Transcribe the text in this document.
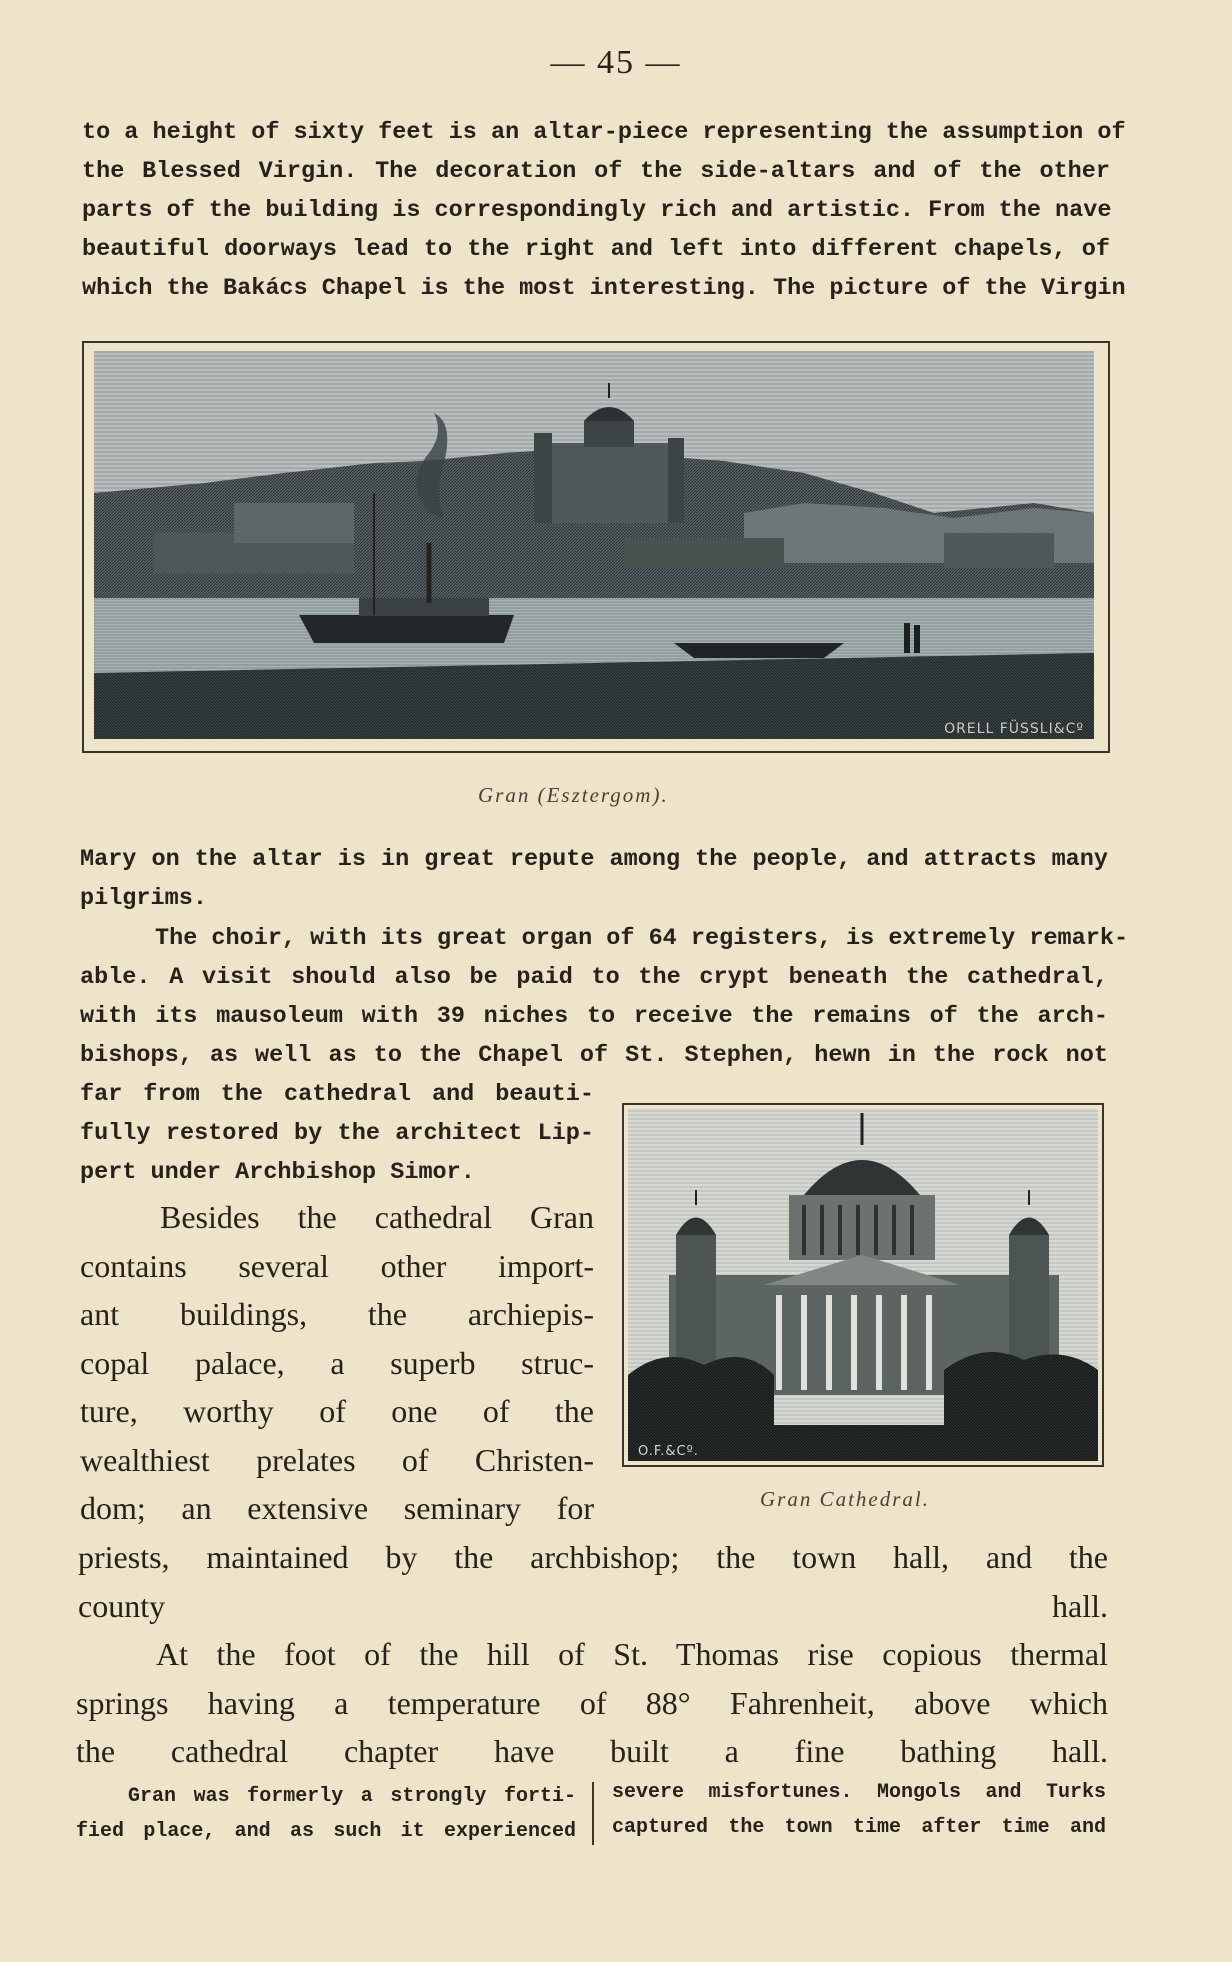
— 45 —
to a height of sixty feet is an altar-piece representing the assumption of
the Blessed Virgin. The decoration of the side-altars and of the other
parts of the building is correspondingly rich and artistic. From the nave
beautiful doorways lead to the right and left into different chapels, of
which the Bakács Chapel is the most interesting. The picture of the Virgin
ORELL FÜSSLI&Cº
Gran (Esztergom).
Mary on the altar is in great repute among the people, and attracts many
pilgrims.
The choir, with its great organ of 64 registers, is extremely remark-
able. A visit should also be paid to the crypt beneath the cathedral,
with its mausoleum with 39 niches to receive the remains of the arch-
bishops, as well as to the Chapel of St. Stephen, hewn in the rock not
far from the cathedral and beauti-
fully restored by the architect Lip-
pert under Archbishop Simor.
O.F.&Cº.
Gran Cathedral.
Besides the cathedral Gran
contains several other import-
ant buildings, the archiepis-
copal palace, a superb struc-
ture, worthy of one of the
wealthiest prelates of Christen-
dom; an extensive seminary for
priests, maintained by the archbishop; the town hall, and the
county hall.
At the foot of the hill of St. Thomas rise copious thermal
springs having a temperature of 88° Fahrenheit, above which
the cathedral chapter have built a fine bathing hall.
Gran was formerly a strongly forti-
fied place, and as such it experienced
severe misfortunes. Mongols and Turks
captured the town time after time and
